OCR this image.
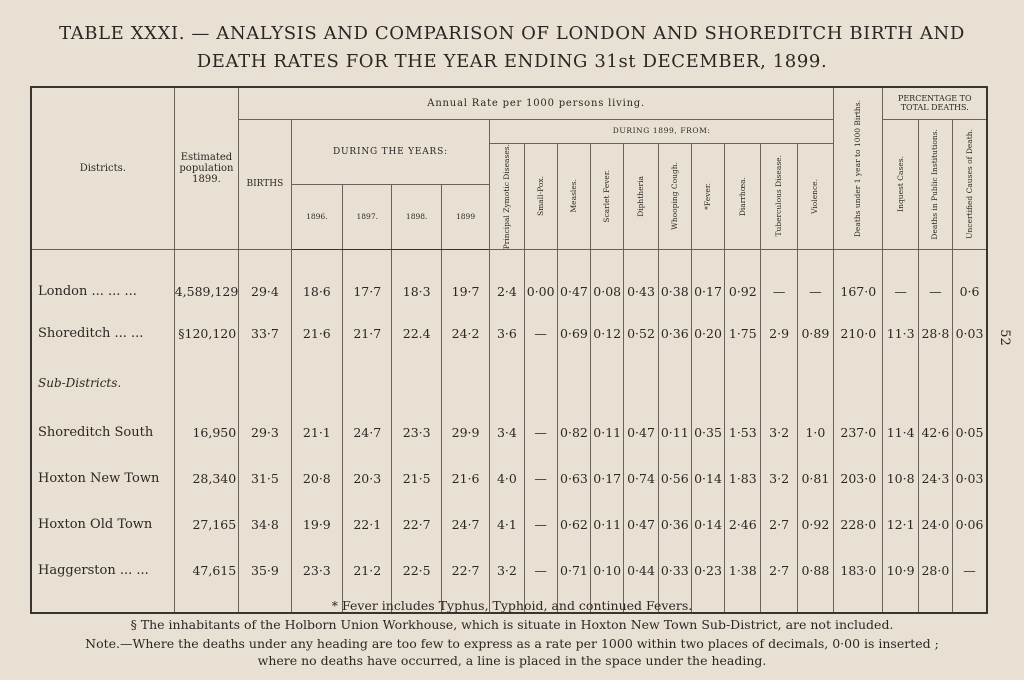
TABLE XXXI. — ANALYSIS AND COMPARISON OF LONDON AND SHOREDITCH BIRTH AND
DEATH RATES FOR THE YEAR ENDING 31st DECEMBER, 1899.
52
Districts.	Estimated population 1899.	Annual Rate per 1000 persons living.															Deaths under 1 year to 1000 Births.	PERCENTAGE TO TOTAL DEATHS.		
		BIRTHS	DURING THE YEARS:				DURING 1899, FROM:											Inquest Cases.	Deaths in Public Institutions.	Uncertified Causes of Death.

							Principal Zymotic Diseases.	Small-Pox.	Measles.	Scarlet Fever.	Diphtheria	Whooping Cough.	*Fever.	Diarrhœa.	Tuberculous Disease.	Violence.				

			1896.	1897.	1898.	1899														

London ... ... ...	4,589,129	29·4	18·6	17·7	18·3	19·7	2·4	0·00	0·47	0·08	0·43	0·38	0·17	0·92	—	—	167·0	—	—	0·6
Shoreditch ... ...	§120,120	33·7	21·6	21·7	22.4	24·2	3·6	—	0·69	0·12	0·52	0·36	0·20	1·75	2·9	0·89	210·0	11·3	28·8	0·03
Sub-Districts.																				
Shoreditch South	16,950	29·3	21·1	24·7	23·3	29·9	3·4	—	0·82	0·11	0·47	0·11	0·35	1·53	3·2	1·0	237·0	11·4	42·6	0·05
Hoxton New Town	28,340	31·5	20·8	20·3	21·5	21·6	4·0	—	0·63	0·17	0·74	0·56	0·14	1·83	3·2	0·81	203·0	10·8	24·3	0·03
Hoxton Old Town	27,165	34·8	19·9	22·1	22·7	24·7	4·1	—	0·62	0·11	0·47	0·36	0·14	2·46	2·7	0·92	228·0	12·1	24·0	0·06
Haggerston ... ...	47,615	35·9	23·3	21·2	22·5	22·7	3·2	—	0·71	0·10	0·44	0·33	0·23	1·38	2·7	0·88	183·0	10·9	28·0	—

* Fever includes Typhus, Typhoid, and continued Fevers.
§ The inhabitants of the Holborn Union Workhouse, which is situate in Hoxton New Town Sub-District, are not included.
Note.—Where the deaths under any heading are too few to express as a rate per 1000 within two places of decimals, 0·00 is inserted ;
where no deaths have occurred, a line is placed in the space under the heading.
